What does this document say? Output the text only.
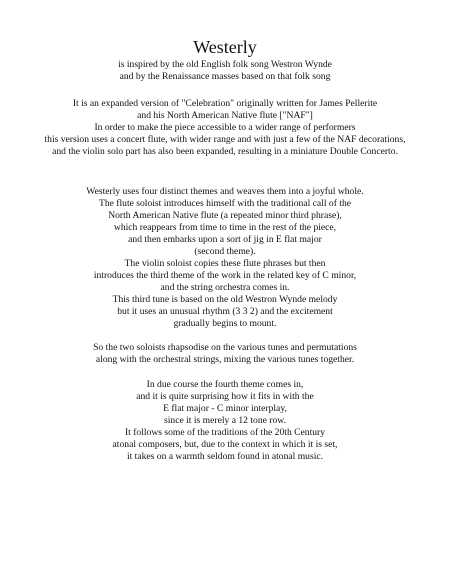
Westerly
is inspired by the old English folk song Westron Wynde
and by the Renaissance masses based on that folk song
It is an expanded version of "Celebration" originally written for James Pellerite
and his North American Native flute ["NAF"]
In order to make the piece accessible to a wider range of performers
this version uses a concert flute, with wider range and with just a few of the NAF decorations,
and the violin solo part has also been expanded, resulting in a miniature Double Concerto.
Westerly uses four distinct themes and weaves them into a joyful whole.
The flute soloist introduces himself with the traditional call of the
North American Native flute (a repeated minor third phrase),
which reappears from time to time in the rest of the piece,
and then embarks upon a sort of jig in E flat major
(second theme).
The violin soloist copies these flute phrases but then
introduces the third theme of the work in the related key of C minor,
and the string orchestra comes in.
This third tune is based on the old Westron Wynde melody
but it uses an unusual rhythm (3 3 2) and the excitement
gradually begins to mount.
So the two soloists rhapsodise on the various tunes and permutations
along with the orchestral strings, mixing the various tunes together.
In due course the fourth theme comes in,
and it is quite surprising how it fits in with the
E flat major - C minor interplay,
since it is merely a 12 tone row.
It follows some of the traditions of the 20th Century
atonal composers, but, due to the context in which it is set,
it takes on a warmth seldom found in atonal music.
